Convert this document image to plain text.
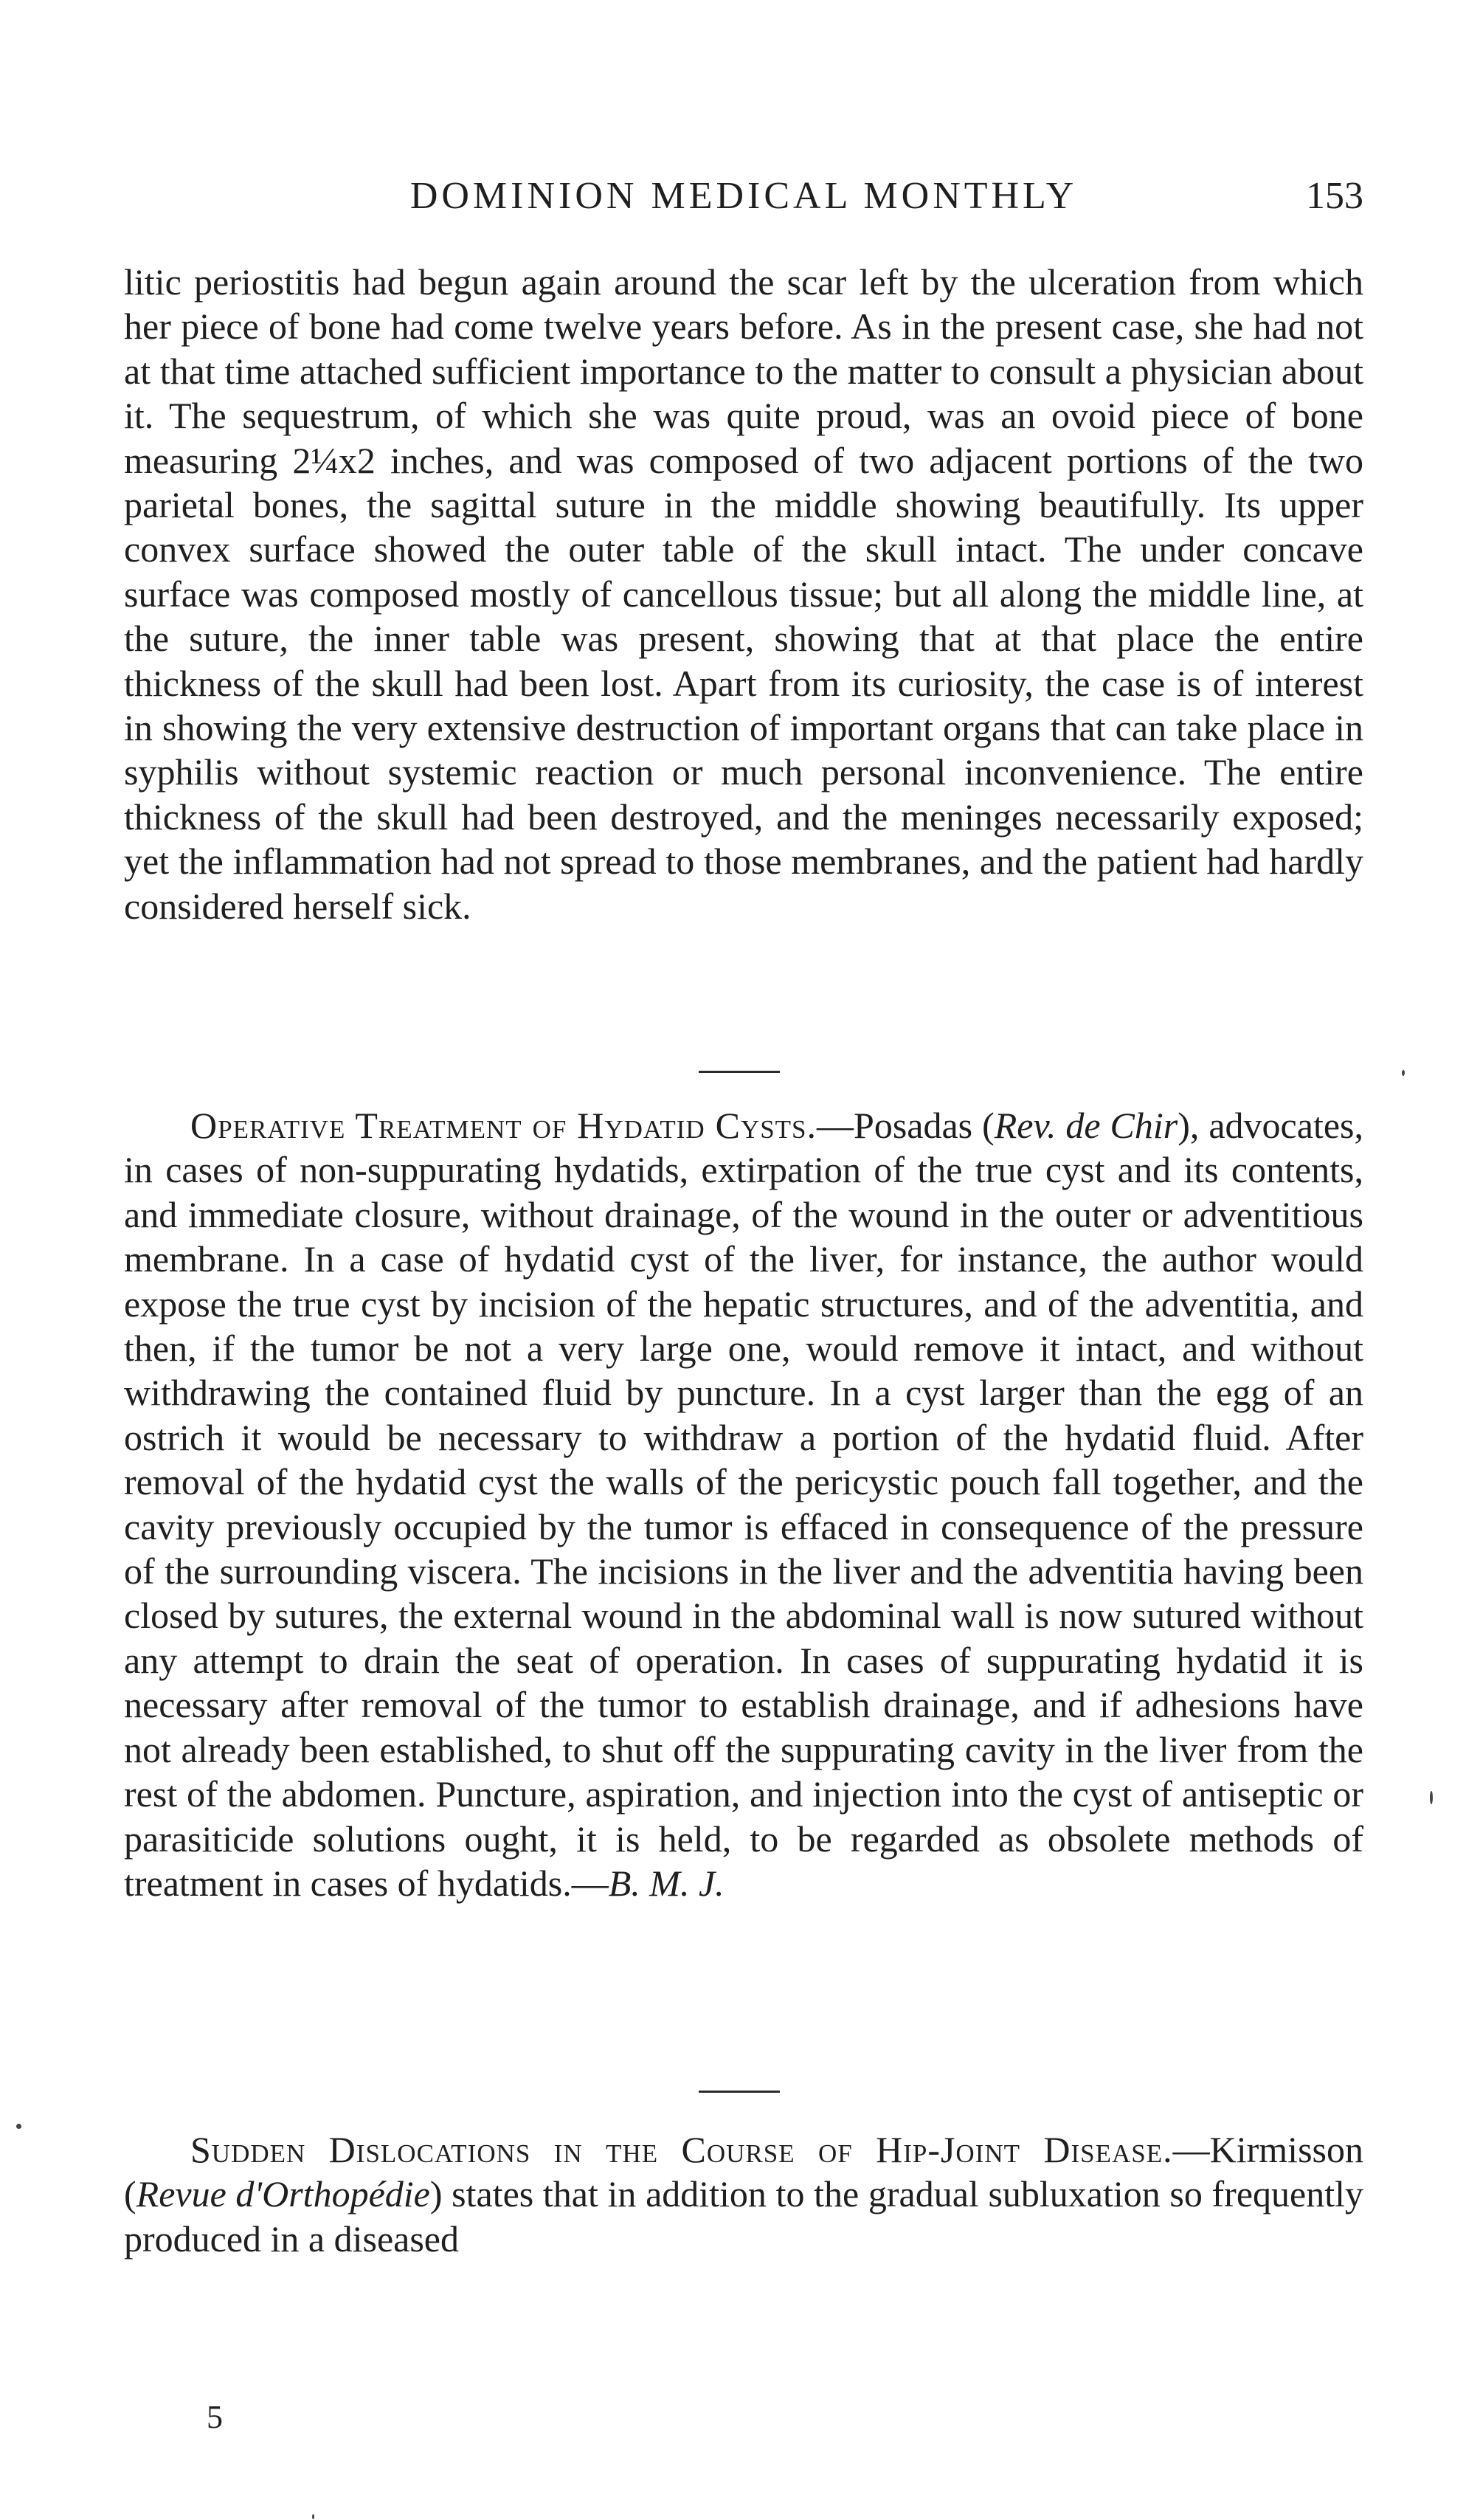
DOMINION MEDICAL MONTHLY	153

litic periostitis had begun again around the scar left by the ulceration from which her piece of bone had come twelve years before. As in the present case, she had not at that time attached sufficient importance to the matter to consult a physician about it. The sequestrum, of which she was quite proud, was an ovoid piece of bone measuring 2¼x2 inches, and was composed of two adjacent portions of the two parietal bones, the sagittal suture in the middle showing beautifully. Its upper convex surface showed the outer table of the skull intact. The under concave surface was composed mostly of cancellous tissue; but all along the middle line, at the suture, the inner table was present, showing that at that place the entire thickness of the skull had been lost. Apart from its curiosity, the case is of interest in showing the very extensive destruction of important organs that can take place in syphilis without systemic reaction or much personal inconvenience. The entire thickness of the skull had been destroyed, and the meninges necessarily exposed; yet the inflammation had not spread to those membranes, and the patient had hardly considered herself sick.

Operative Treatment of Hydatid Cysts.—Posadas (Rev. de Chir), advocates, in cases of non-suppurating hydatids, extirpation of the true cyst and its contents, and immediate closure, without drainage, of the wound in the outer or adventitious membrane. In a case of hydatid cyst of the liver, for instance, the author would expose the true cyst by incision of the hepatic structures, and of the adventitia, and then, if the tumor be not a very large one, would remove it intact, and without withdrawing the contained fluid by puncture. In a cyst larger than the egg of an ostrich it would be necessary to withdraw a portion of the hydatid fluid. After removal of the hydatid cyst the walls of the pericystic pouch fall together, and the cavity previously occupied by the tumor is effaced in consequence of the pressure of the surrounding viscera. The incisions in the liver and the adventitia having been closed by sutures, the external wound in the abdominal wall is now sutured without any attempt to drain the seat of operation. In cases of suppurating hydatid it is necessary after removal of the tumor to establish drainage, and if adhesions have not already been established, to shut off the suppurating cavity in the liver from the rest of the abdomen. Puncture, aspiration, and injection into the cyst of antiseptic or parasiticide solutions ought, it is held, to be regarded as obsolete methods of treatment in cases of hydatids.—B. M. J.

Sudden Dislocations in the Course of Hip-Joint Disease.—Kirmisson (Revue d'Orthopédie) states that in addition to the gradual subluxation so frequently produced in a diseased

5
